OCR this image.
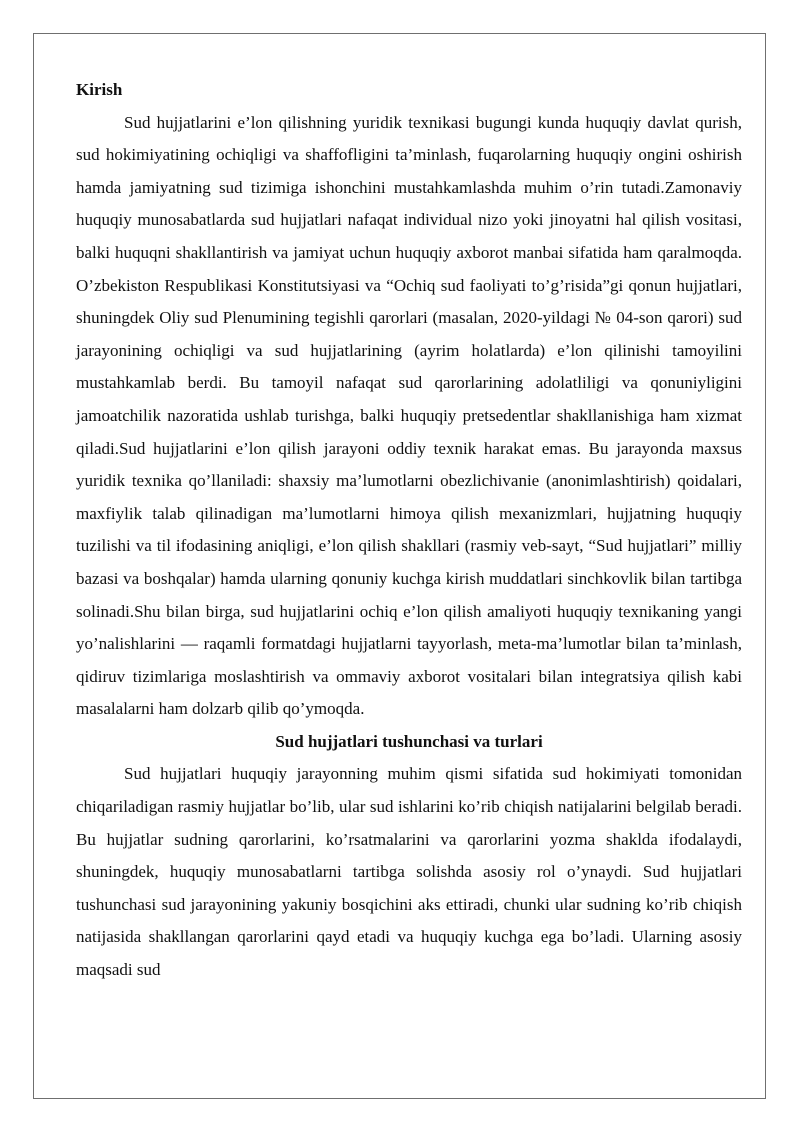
Kirish

Sud hujjatlarini e’lon qilishning yuridik texnikasi bugungi kunda huquqiy davlat qurish, sud hokimiyatining ochiqligi va shaffofligini ta’minlash, fuqarolarning huquqiy ongini oshirish hamda jamiyatning sud tizimiga ishonchini mustahkamlashda muhim o’rin tutadi.Zamonaviy huquqiy munosabatlarda sud hujjatlari nafaqat individual nizo yoki jinoyatni hal qilish vositasi, balki huquqni shakllantirish va jamiyat uchun huquqiy axborot manbai sifatida ham qaralmoqda. O’zbekiston Respublikasi Konstitutsiyasi va “Ochiq sud faoliyati to’g’risida”gi qonun hujjatlari, shuningdek Oliy sud Plenumining tegishli qarorlari (masalan, 2020-yildagi № 04-son qarori) sud jarayonining ochiqligi va sud hujjatlarining (ayrim holatlarda) e’lon qilinishi tamoyilini mustahkamlab berdi. Bu tamoyil nafaqat sud qarorlarining adolatliligi va qonuniyligini jamoatchilik nazoratida ushlab turishga, balki huquqiy pretsedentlar shakllanishiga ham xizmat qiladi.Sud hujjatlarini e’lon qilish jarayoni oddiy texnik harakat emas. Bu jarayonda maxsus yuridik texnika qo’llaniladi: shaxsiy ma’lumotlarni obezlichivanie (anonimlashtirish) qoidalari, maxfiylik talab qilinadigan ma’lumotlarni himoya qilish mexanizmlari, hujjatning huquqiy tuzilishi va til ifodasining aniqligi, e’lon qilish shakllari (rasmiy veb-sayt, “Sud hujjatlari” milliy bazasi va boshqalar) hamda ularning qonuniy kuchga kirish muddatlari sinchkovlik bilan tartibga solinadi.Shu bilan birga, sud hujjatlarini ochiq e’lon qilish amaliyoti huquqiy texnikaning yangi yo’nalishlarini — raqamli formatdagi hujjatlarni tayyorlash, meta-ma’lumotlar bilan ta’minlash, qidiruv tizimlariga moslashtirish va ommaviy axborot vositalari bilan integratsiya qilish kabi masalalarni ham dolzarb qilib qo’ymoqda.

Sud hujjatlari tushunchasi va turlari

Sud hujjatlari huquqiy jarayonning muhim qismi sifatida sud hokimiyati tomonidan chiqariladigan rasmiy hujjatlar bo’lib, ular sud ishlarini ko’rib chiqish natijalarini belgilab beradi. Bu hujjatlar sudning qarorlarini, ko’rsatmalarini va qarorlarini yozma shaklda ifodalaydi, shuningdek, huquqiy munosabatlarni tartibga solishda asosiy rol o’ynaydi. Sud hujjatlari tushunchasi sud jarayonining yakuniy bosqichini aks ettiradi, chunki ular sudning ko’rib chiqish natijasida shakllangan qarorlarini qayd etadi va huquqiy kuchga ega bo’ladi. Ularning asosiy maqsadi sud
